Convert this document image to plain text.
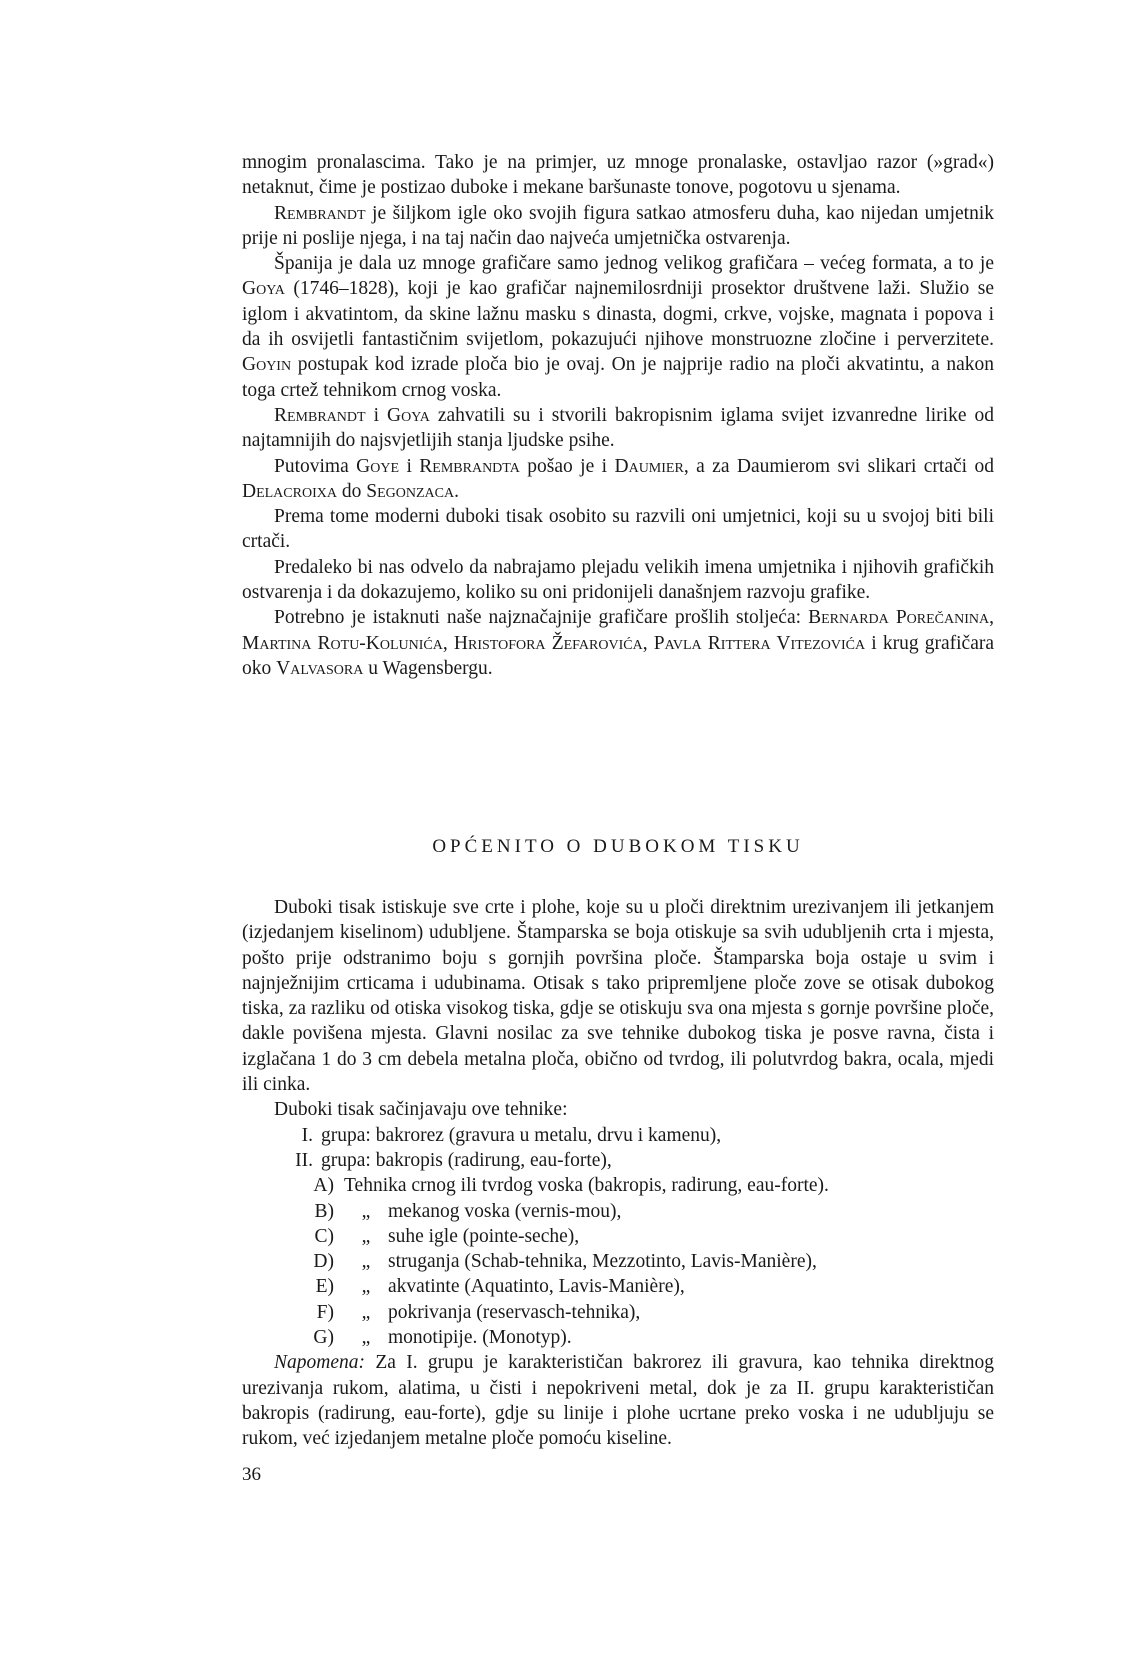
mnogim pronalascima. Tako je na primjer, uz mnoge pronalaske, ostavljao razor (»grad«) netaknut, čime je postizao duboke i mekane baršunaste tonove, pogotovu u sjenama.

Rembrandt je šiljkom igle oko svojih figura satkao atmosferu duha, kao nijedan umjetnik prije ni poslije njega, i na taj način dao najveća umjetnička ostvarenja.

Španija je dala uz mnoge grafičare samo jednog velikog grafičara – većeg formata, a to je Goya (1746–1828), koji je kao grafičar najnemilosrdniji prosektor društvene laži. Služio se iglom i akvatintom, da skine lažnu masku s dinasta, dogmi, crkve, vojske, magnata i popova i da ih osvijetli fantastičnim svijetlom, pokazujući njihove monstruozne zločine i perverzitete. Goyin postupak kod izrade ploča bio je ovaj. On je najprije radio na ploči akvatintu, a nakon toga crtež tehnikom crnog voska.

Rembrandt i Goya zahvatili su i stvorili bakropisnim iglama svijet izvanredne lirike od najtamnijih do najsvjetlijih stanja ljudske psihe.

Putovima Goye i Rembrandta pošao je i Daumier, a za Daumierom svi slikari crtači od Delacroixa do Segonzaca.

Prema tome moderni duboki tisak osobito su razvili oni umjetnici, koji su u svojoj biti bili crtači.

Predaleko bi nas odvelo da nabrajamo plejadu velikih imena umjetnika i njihovih grafičkih ostvarenja i da dokazujemo, koliko su oni pridonijeli današnjem razvoju grafike.

Potrebno je istaknuti naše najznačajnije grafičare prošlih stoljeća: Bernarda Porečanina, Martina Rotu-Kolunića, Hristofora Žefarovića, Pavla Rittera Vitezovića i krug grafičara oko Valvasora u Wagensbergu.

OPĆENITO O DUBOKOM TISKU

Duboki tisak istiskuje sve crte i plohe, koje su u ploči direktnim urezivanjem ili jetkanjem (izjedanjem kiselinom) udubljene. Štamparska se boja otiskuje sa svih udubljenih crta i mjesta, pošto prije odstranimo boju s gornjih površina ploče. Štamparska boja ostaje u svim i najnježnijim crticama i udubinama. Otisak s tako pripremljene ploče zove se otisak dubokog tiska, za razliku od otiska visokog tiska, gdje se otiskuju sva ona mjesta s gornje površine ploče, dakle povišena mjesta. Glavni nosilac za sve tehnike dubokog tiska je posve ravna, čista i izglačana 1 do 3 cm debela metalna ploča, obično od tvrdog, ili polutvrdog bakra, ocala, mjedi ili cinka.

Duboki tisak sačinjavaju ove tehnike:

I. grupa: bakrorez (gravura u metalu, drvu i kamenu),
II. grupa: bakropis (radirung, eau-forte),
A) Tehnika crnog ili tvrdog voska (bakropis, radirung, eau-forte).
B) „ mekanog voska (vernis-mou),
C) „ suhe igle (pointe-seche),
D) „ struganja (Schab-tehnika, Mezzotinto, Lavis-Manière),
E) „ akvatinte (Aquatinto, Lavis-Manière),
F) „ pokrivanja (reservasch-tehnika),
G) „ monotipije. (Monotyp).

Napomena: Za I. grupu je karakterističan bakrorez ili gravura, kao tehnika direktnog urezivanja rukom, alatima, u čisti i nepokriveni metal, dok je za II. grupu karakterističan bakropis (radirung, eau-forte), gdje su linije i plohe ucrtane preko voska i ne udubljuju se rukom, već izjedanjem metalne ploče pomoću kiseline.

36
